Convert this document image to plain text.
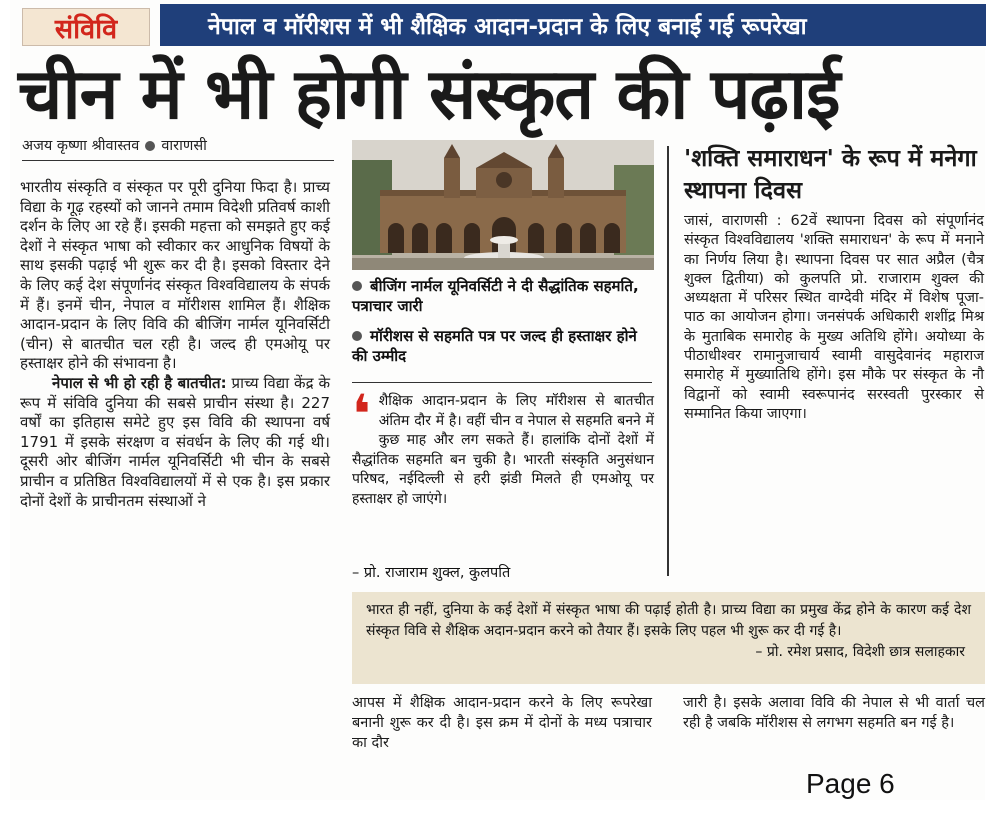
संविवि	नेपाल व मॉरीशस में भी शैक्षिक आदान-प्रदान के लिए बनाई गई रूपरेखा
चीन में भी होगी संस्कृत की पढ़ाई
अजय कृष्णा श्रीवास्तव वाराणसी

भारतीय संस्कृति व संस्कृत पर पूरी दुनिया फिदा है। प्राच्य विद्या के गूढ़ रहस्यों को जानने तमाम विदेशी प्रतिवर्ष काशी दर्शन के लिए आ रहे हैं। इसकी महत्ता को समझते हुए कई देशों ने संस्कृत भाषा को स्वीकार कर आधुनिक विषयों के साथ इसकी पढ़ाई भी शुरू कर दी है। इसको विस्तार देने के लिए कई देश संपूर्णानंद संस्कृत विश्वविद्यालय के संपर्क में हैं। इनमें चीन, नेपाल व मॉरीशस शामिल हैं। शैक्षिक आदान-प्रदान के लिए विवि की बीजिंग नार्मल यूनिवर्सिटी (चीन) से बातचीत चल रही है। जल्द ही एमओयू पर हस्ताक्षर होने की संभावना है।

नेपाल से भी हो रही है बातचीत: प्राच्य विद्या केंद्र के रूप में संविवि दुनिया की सबसे प्राचीन संस्था है। 227 वर्षों का इतिहास समेटे हुए इस विवि की स्थापना वर्ष 1791 में इसके संरक्षण व संवर्धन के लिए की गई थी। दूसरी ओर बीजिंग नार्मल यूनिवर्सिटी भी चीन के सबसे प्राचीन व प्रतिष्ठित विश्वविद्यालयों में से एक है। इस प्रकार दोनों देशों के प्राचीनतम संस्थाओं ने

बीजिंग नार्मल यूनिवर्सिटी ने दी सैद्धांतिक सहमति, पत्राचार जारी
मॉरीशस से सहमति पत्र पर जल्द ही हस्ताक्षर होने की उम्मीद
❛ शैक्षिक आदान-प्रदान के लिए मॉरीशस से बातचीत अंतिम दौर में है। वहीं चीन व नेपाल से सहमति बनने में कुछ माह और लग सकते हैं। हालांकि दोनों देशों में सैद्धांतिक सहमति बन चुकी है। भारती संस्कृति अनुसंधान परिषद, नईदिल्ली से हरी झंडी मिलते ही एमओयू पर हस्ताक्षर हो जाएंगे।
– प्रो. राजाराम शुक्ल, कुलपति
'शक्ति समाराधन' के रूप में मनेगा स्थापना दिवस
जासं, वाराणसी : 62वें स्थापना दिवस को संपूर्णानंद संस्कृत विश्वविद्यालय 'शक्ति समाराधन' के रूप में मनाने का निर्णय लिया है। स्थापना दिवस पर सात अप्रैल (चैत्र शुक्ल द्वितीया) को कुलपति प्रो. राजाराम शुक्ल की अध्यक्षता में परिसर स्थित वाग्देवी मंदिर में विशेष पूजा-पाठ का आयोजन होगा। जनसंपर्क अधिकारी शशींद्र मिश्र के मुताबिक समारोह के मुख्य अतिथि होंगे। अयोध्या के पीठाधीश्वर रामानुजाचार्य स्वामी वासुदेवानंद महाराज समारोह में मुख्यातिथि होंगे। इस मौके पर संस्कृत के नौ विद्वानों को स्वामी स्वरूपानंद सरस्वती पुरस्कार से सम्मानित किया जाएगा।
भारत ही नहीं, दुनिया के कई देशों में संस्कृत भाषा की पढ़ाई होती है। प्राच्य विद्या का प्रमुख केंद्र होने के कारण कई देश संस्कृत विवि से शैक्षिक अदान-प्रदान करने को तैयार हैं। इसके लिए पहल भी शुरू कर दी गई है।
– प्रो. रमेश प्रसाद, विदेशी छात्र सलाहकार
आपस में शैक्षिक आदान-प्रदान करने के लिए रूपरेखा बनानी शुरू कर दी है। इस क्रम में दोनों के मध्य पत्राचार का दौर
जारी है। इसके अलावा विवि की नेपाल से भी वार्ता चल रही है जबकि मॉरीशस से लगभग सहमति बन गई है।
Page 6
